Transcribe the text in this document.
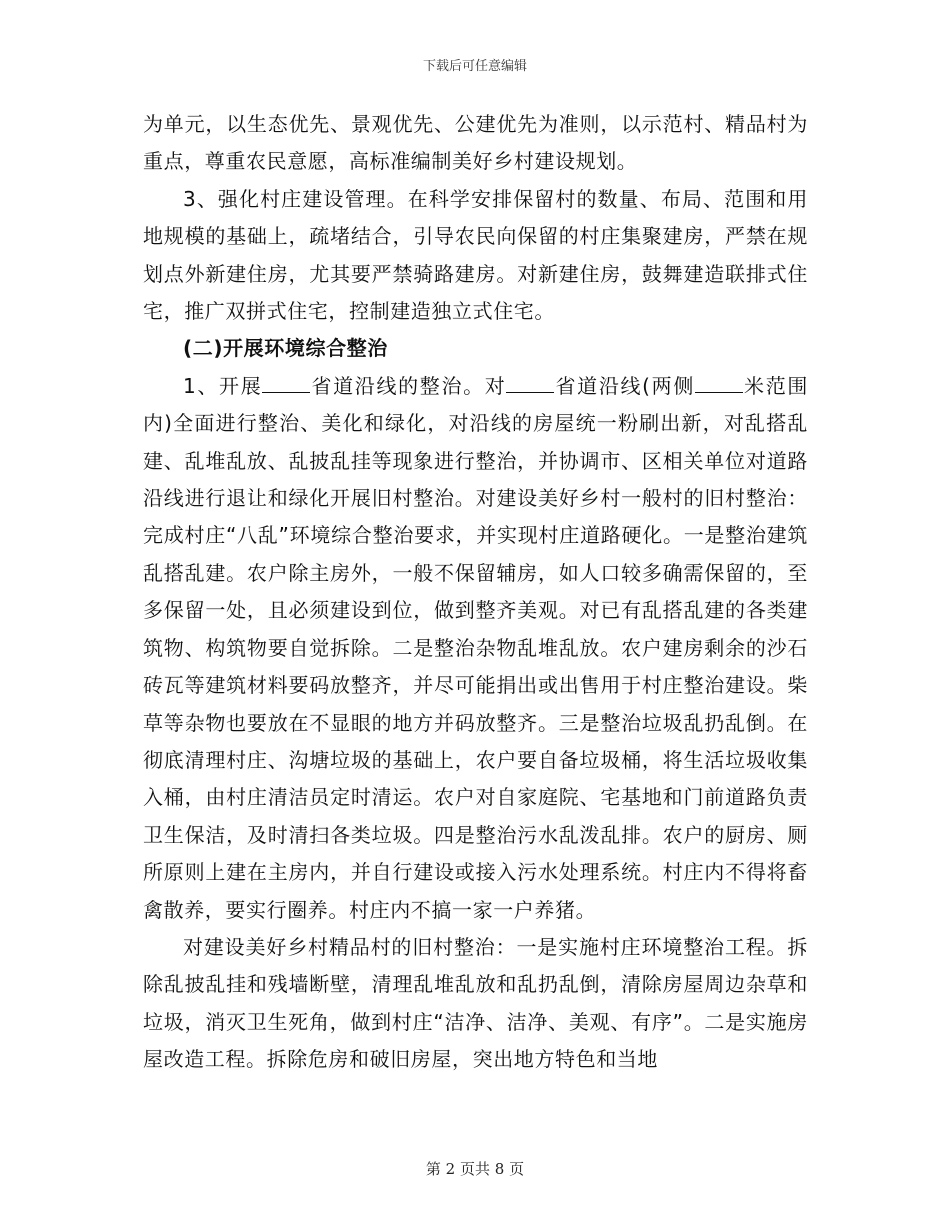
下载后可任意编辑

为单元，以生态优先、景观优先、公建优先为准则，以示范村、精品村为重点，尊重农民意愿，高标准编制美好乡村建设规划。

3、强化村庄建设管理。在科学安排保留村的数量、布局、范围和用地规模的基础上，疏堵结合，引导农民向保留的村庄集聚建房，严禁在规划点外新建住房，尤其要严禁骑路建房。对新建住房，鼓舞建造联排式住宅，推广双拼式住宅，控制建造独立式住宅。

(二)开展环境综合整治

1、开展 省道沿线的整治。对 省道沿线(两侧 米范围内)全面进行整治、美化和绿化，对沿线的房屋统一粉刷出新，对乱搭乱建、乱堆乱放、乱披乱挂等现象进行整治，并协调市、区相关单位对道路沿线进行退让和绿化开展旧村整治。对建设美好乡村一般村的旧村整治：完成村庄“八乱”环境综合整治要求，并实现村庄道路硬化。一是整治建筑乱搭乱建。农户除主房外，一般不保留辅房，如人口较多确需保留的，至多保留一处，且必须建设到位，做到整齐美观。对已有乱搭乱建的各类建筑物、构筑物要自觉拆除。二是整治杂物乱堆乱放。农户建房剩余的沙石砖瓦等建筑材料要码放整齐，并尽可能捐出或出售用于村庄整治建设。柴草等杂物也要放在不显眼的地方并码放整齐。三是整治垃圾乱扔乱倒。在彻底清理村庄、沟塘垃圾的基础上，农户要自备垃圾桶，将生活垃圾收集入桶，由村庄清洁员定时清运。农户对自家庭院、宅基地和门前道路负责卫生保洁，及时清扫各类垃圾。四是整治污水乱泼乱排。农户的厨房、厕所原则上建在主房内，并自行建设或接入污水处理系统。村庄内不得将畜禽散养，要实行圈养。村庄内不搞一家一户养猪。

对建设美好乡村精品村的旧村整治：一是实施村庄环境整治工程。拆除乱披乱挂和残墙断壁，清理乱堆乱放和乱扔乱倒，清除房屋周边杂草和垃圾，消灭卫生死角，做到村庄“洁净、洁净、美观、有序”。二是实施房屋改造工程。拆除危房和破旧房屋，突出地方特色和当地

第 2 页共 8 页
